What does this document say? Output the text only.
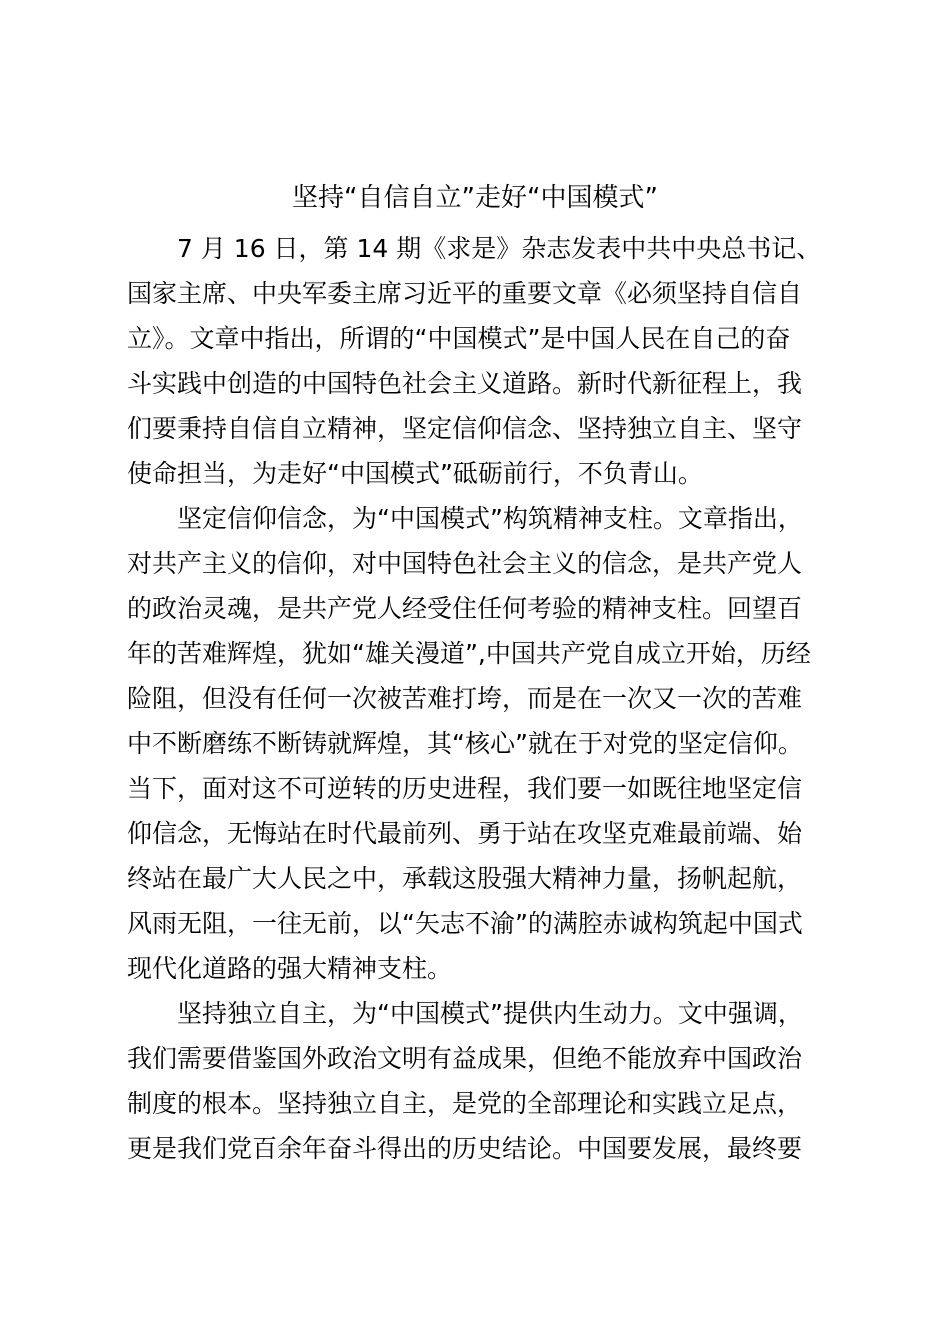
坚持“自信自立”走好“中国模式”
7 月 16 日，第 14 期《求是》杂志发表中共中央总书记、
国家主席、中央军委主席习近平的重要文章《必须坚持自信自
立》。文章中指出，所谓的“中国模式”是中国人民在自己的奋
斗实践中创造的中国特色社会主义道路。新时代新征程上，我
们要秉持自信自立精神，坚定信仰信念、坚持独立自主、坚守
使命担当，为走好“中国模式”砥砺前行，不负青山。
坚定信仰信念，为“中国模式”构筑精神支柱。文章指出，
对共产主义的信仰，对中国特色社会主义的信念，是共产党人
的政治灵魂，是共产党人经受住任何考验的精神支柱。回望百
年的苦难辉煌，犹如“雄关漫道”,中国共产党自成立开始，历经
险阻，但没有任何一次被苦难打垮，而是在一次又一次的苦难
中不断磨练不断铸就辉煌，其“核心”就在于对党的坚定信仰。
当下，面对这不可逆转的历史进程，我们要一如既往地坚定信
仰信念，无悔站在时代最前列、勇于站在攻坚克难最前端、始
终站在最广大人民之中，承载这股强大精神力量，扬帆起航，
风雨无阻，一往无前，以“矢志不渝”的满腔赤诚构筑起中国式
现代化道路的强大精神支柱。
坚持独立自主，为“中国模式”提供内生动力。文中强调，
我们需要借鉴国外政治文明有益成果，但绝不能放弃中国政治
制度的根本。坚持独立自主，是党的全部理论和实践立足点，
更是我们党百余年奋斗得出的历史结论。中国要发展，最终要
